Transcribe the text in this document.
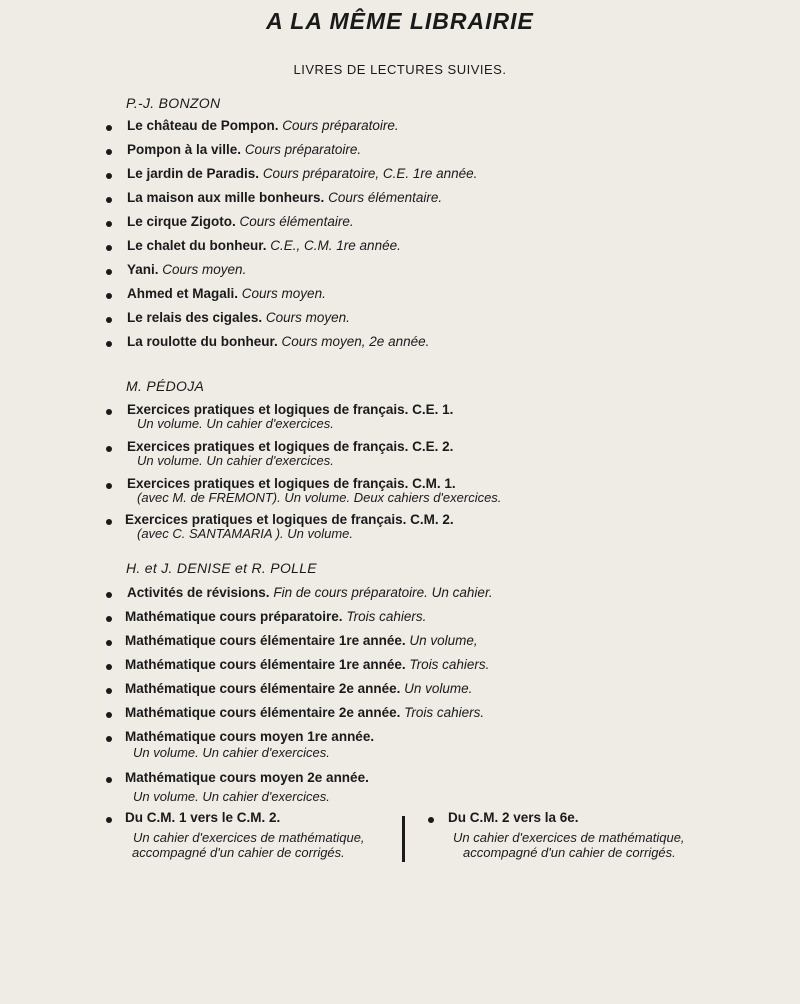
A LA MÊME LIBRAIRIE
LIVRES DE LECTURES SUIVIES.
P.-J. BONZON
Le château de Pompon. Cours préparatoire.
Pompon à la ville. Cours préparatoire.
Le jardin de Paradis. Cours préparatoire, C.E. 1re année.
La maison aux mille bonheurs. Cours élémentaire.
Le cirque Zigoto. Cours élémentaire.
Le chalet du bonheur. C.E., C.M. 1re année.
Yani. Cours moyen.
Ahmed et Magali. Cours moyen.
Le relais des cigales. Cours moyen.
La roulotte du bonheur. Cours moyen, 2e année.
M. PÉDOJA
Exercices pratiques et logiques de français. C.E. 1.
Un volume. Un cahier d'exercices.
Exercices pratiques et logiques de français. C.E. 2.
Un volume. Un cahier d'exercices.
Exercices pratiques et logiques de français. C.M. 1.
(avec M. de FREMONT). Un volume. Deux cahiers d'exercices.
Exercices pratiques et logiques de français. C.M. 2.
(avec C. SANTAMARIA ). Un volume.
H. et J. DENISE et R. POLLE
Activités de révisions. Fin de cours préparatoire. Un cahier.
Mathématique cours préparatoire. Trois cahiers.
Mathématique cours élémentaire 1re année. Un volume,
Mathématique cours élémentaire 1re année. Trois cahiers.
Mathématique cours élémentaire 2e année. Un volume.
Mathématique cours élémentaire 2e année. Trois cahiers.
Mathématique cours moyen 1re année.
Un volume. Un cahier d'exercices.
Mathématique cours moyen 2e année.
Un volume. Un cahier d'exercices.
Du C.M. 1 vers le C.M. 2.
Un cahier d'exercices de mathématique,
accompagné d'un cahier de corrigés.
Du C.M. 2 vers la 6e.
Un cahier d'exercices de mathématique,
accompagné d'un cahier de corrigés.
